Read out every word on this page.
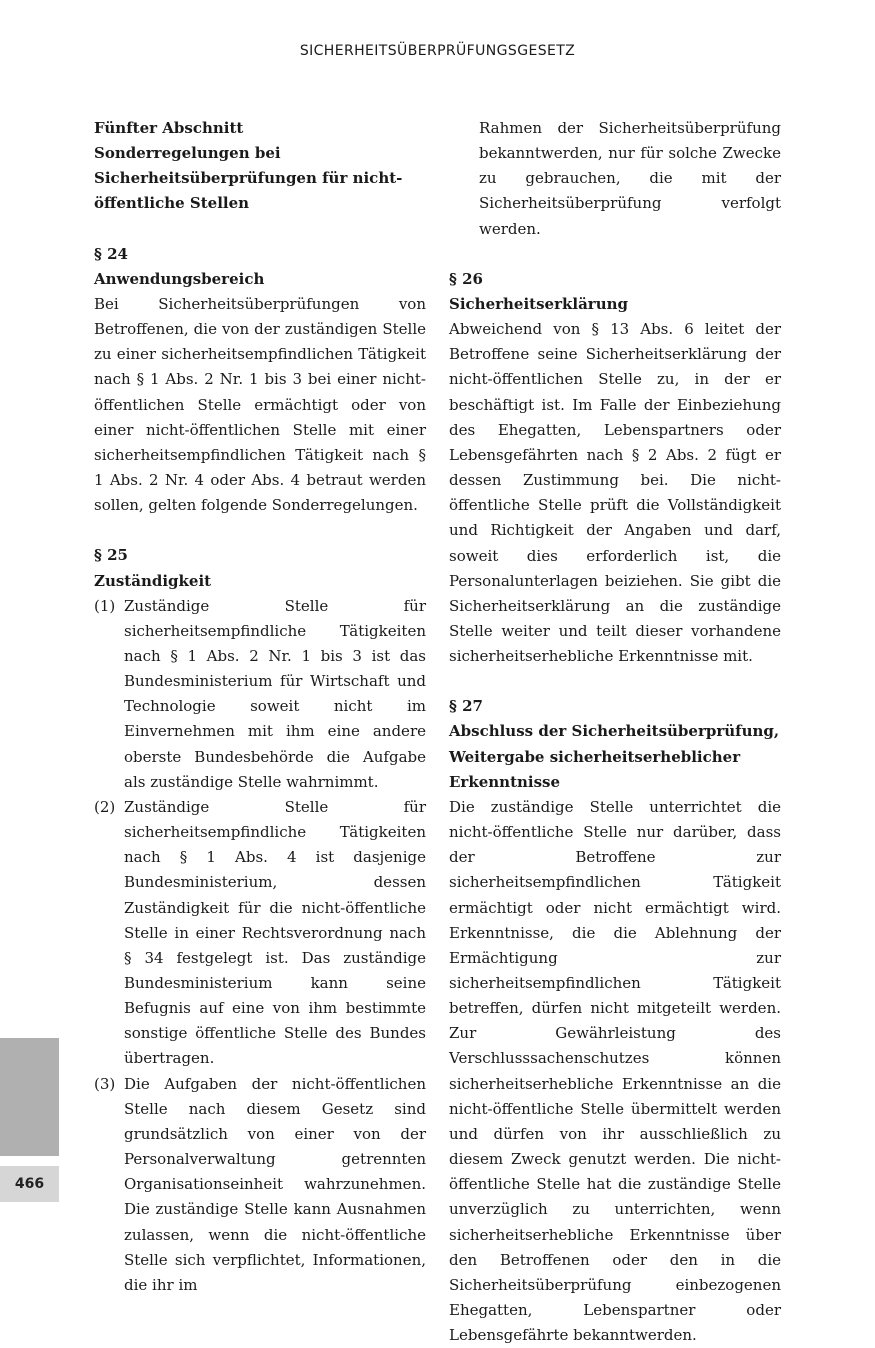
SICHERHEITSÜBERPRÜFUNGSGESETZ

Fünfter Abschnitt

Sonderregelungen bei Sicherheitsüberprüfungen für nicht-öffentliche Stellen

§ 24

Anwendungsbereich

Bei Sicherheitsüberprüfungen von Betroffenen, die von der zuständigen Stelle zu einer sicherheitsempfindlichen Tätigkeit nach § 1 Abs. 2 Nr. 1 bis 3 bei einer nicht-öffentlichen Stelle ermächtigt oder von einer nicht-öffentlichen Stelle mit einer sicherheitsempfindlichen Tätigkeit nach § 1 Abs. 2 Nr. 4 oder Abs. 4 betraut werden sollen, gelten folgende Sonderregelungen.

§ 25

Zuständigkeit

(1) Zuständige Stelle für sicherheitsempfindliche Tätigkeiten nach § 1 Abs. 2 Nr. 1 bis 3 ist das Bundesministerium für Wirtschaft und Technologie soweit nicht im Einvernehmen mit ihm eine andere oberste Bundesbehörde die Aufgabe als zuständige Stelle wahrnimmt.
(2) Zuständige Stelle für sicherheitsempfindliche Tätigkeiten nach § 1 Abs. 4 ist dasjenige Bundesministerium, dessen Zuständigkeit für die nicht-öffentliche Stelle in einer Rechtsverordnung nach § 34 festgelegt ist. Das zuständige Bundesministerium kann seine Befugnis auf eine von ihm bestimmte sonstige öffentliche Stelle des Bundes übertragen.
(3) Die Aufgaben der nicht-öffentlichen Stelle nach diesem Gesetz sind grundsätzlich von einer von der Personalverwaltung getrennten Organisationseinheit wahrzunehmen. Die zuständige Stelle kann Ausnahmen zulassen, wenn die nicht-öffentliche Stelle sich verpflichtet, Informationen, die ihr im

Rahmen der Sicherheitsüberprüfung bekanntwerden, nur für solche Zwecke zu gebrauchen, die mit der Sicherheitsüberprüfung verfolgt werden.

§ 26

Sicherheitserklärung

Abweichend von § 13 Abs. 6 leitet der Betroffene seine Sicherheitserklärung der nicht-öffentlichen Stelle zu, in der er beschäftigt ist. Im Falle der Einbeziehung des Ehegatten, Lebenspartners oder Lebensgefährten nach § 2 Abs. 2 fügt er dessen Zustimmung bei. Die nicht-öffentliche Stelle prüft die Vollständigkeit und Richtigkeit der Angaben und darf, soweit dies erforderlich ist, die Personalunterlagen beiziehen. Sie gibt die Sicherheitserklärung an die zuständige Stelle weiter und teilt dieser vorhandene sicherheitserhebliche Erkenntnisse mit.

§ 27

Abschluss der Sicherheitsüberprüfung, Weitergabe sicherheitserheblicher Erkenntnisse

Die zuständige Stelle unterrichtet die nicht-öffentliche Stelle nur darüber, dass der Betroffene zur sicherheitsempfindlichen Tätigkeit ermächtigt oder nicht ermächtigt wird. Erkenntnisse, die die Ablehnung der Ermächtigung zur sicherheitsempfindlichen Tätigkeit betreffen, dürfen nicht mitgeteilt werden. Zur Gewährleistung des Verschlusssachenschutzes können sicherheitserhebliche Erkenntnisse an die nicht-öffentliche Stelle übermittelt werden und dürfen von ihr ausschließlich zu diesem Zweck genutzt werden. Die nicht-öffentliche Stelle hat die zuständige Stelle unverzüglich zu unterrichten, wenn sicherheitserhebliche Erkenntnisse über den Betroffenen oder den in die Sicherheitsüberprüfung einbezogenen Ehegatten, Lebenspartner oder Lebensgefährte bekanntwerden.

466
